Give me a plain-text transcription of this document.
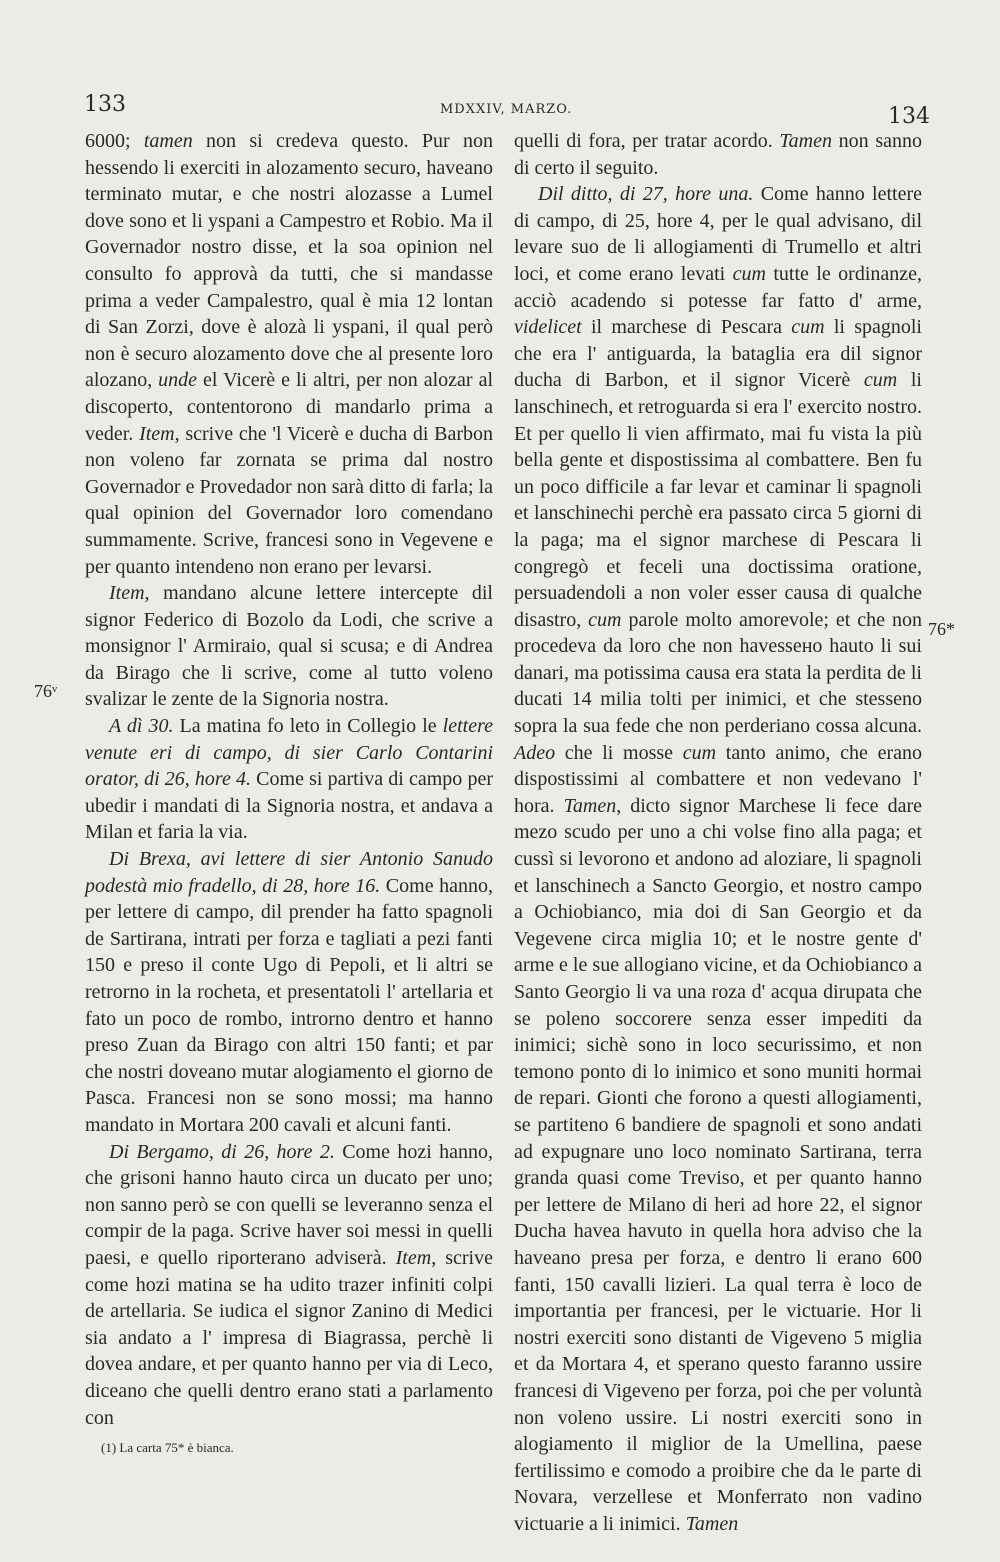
133	MDXXIV, MARZO.	134

6000; tamen non si credeva questo. Pur non hessendo li exerciti in alozamento securo, haveano terminato mutar, e che nostri alozasse a Lumel dove sono et li yspani a Campestro et Robio. Ma il Governador nostro disse, et la soa opinion nel consulto fo approvà da tutti, che si mandasse prima a veder Campalestro, qual è mia 12 lontan di San Zorzi, dove è alozà li yspani, il qual però non è securo alozamento dove che al presente loro alozano, unde el Vicerè e li altri, per non alozar al discoperto, contentorono di mandarlo prima a veder. Item, scrive che 'l Vicerè e ducha di Barbon non voleno far zornata se prima dal nostro Governador e Provedador non sarà ditto di farla; la qual opinion del Governador loro comendano summamente. Scrive, francesi sono in Vegevene e per quanto intendeno non erano per levarsi.

Item, mandano alcune lettere intercepte dil signor Federico di Bozolo da Lodi, che scrive a monsignor l' Armiraio, qual si scusa; e di Andrea da Birago che li scrive, come al tutto voleno svalizar le zente de la Signoria nostra.

A dì 30. La matina fo leto in Collegio le lettere venute eri di campo, di sier Carlo Contarini orator, di 26, hore 4. Come si partiva di campo per ubedir i mandati di la Signoria nostra, et andava a Milan et faria la via.

Di Brexa, avi lettere di sier Antonio Sanudo podestà mio fradello, di 28, hore 16. Come hanno, per lettere di campo, dil prender ha fatto spagnoli de Sartirana, intrati per forza e tagliati a pezi fanti 150 e preso il conte Ugo di Pepoli, et li altri se retrorno in la rocheta, et presentatoli l' artellaria et fato un poco de rombo, introrno dentro et hanno preso Zuan da Birago con altri 150 fanti; et par che nostri doveano mutar alogiamento el giorno de Pasca. Francesi non se sono mossi; ma hanno mandato in Mortara 200 cavali et alcuni fanti.

Di Bergamo, di 26, hore 2. Come hozi hanno, che grisoni hanno hauto circa un ducato per uno; non sanno però se con quelli se leveranno senza el compir de la paga. Scrive haver soi messi in quelli paesi, e quello riporterano adviserà. Item, scrive come hozi matina se ha udito trazer infiniti colpi de artellaria. Se iudica el signor Zanino di Medici sia andato a l' impresa di Biagrassa, perchè li dovea andare, et per quanto hanno per via di Leco, diceano che quelli dentro erano stati a parlamento con

quelli di fora, per tratar acordo. Tamen non sanno di certo il seguito.

Dil ditto, di 27, hore una. Come hanno lettere di campo, di 25, hore 4, per le qual advisano, dil levare suo de li allogiamenti di Trumello et altri loci, et come erano levati cum tutte le ordinanze, acciò acadendo si potesse far fatto d' arme, videlicet il marchese di Pescara cum li spagnoli che era l' antiguarda, la bataglia era dil signor ducha di Barbon, et il signor Vicerè cum li lanschinech, et retroguarda si era l' exercito nostro. Et per quello li vien affirmato, mai fu vista la più bella gente et dispostissima al combattere. Ben fu un poco difficile a far levar et caminar li spagnoli et lanschinechi perchè era passato circa 5 giorni di la paga; ma el signor marchese di Pescara li congregò et feceli una doctissima oratione, persuadendoli a non voler esser causa di qualche disastro, cum parole molto amorevole; et che non procedeva da loro che non havessено hauto li sui danari, ma potissima causa era stata la perdita de li ducati 14 milia tolti per inimici, et che stesseno sopra la sua fede che non perderiano cossa alcuna. Adeo che li mosse cum tanto animo, che erano dispostissimi al combattere et non vedevano l' hora. Tamen, dicto signor Marchese li fece dare mezo scudo per uno a chi volse fino alla paga; et cussì si levorono et andono ad aloziare, li spagnoli et lanschinech a Sancto Georgio, et nostro campo a Ochiobianco, mia doi di San Georgio et da Vegevene circa miglia 10; et le nostre gente d' arme e le sue allogiano vicine, et da Ochiobianco a Santo Georgio li va una roza d' acqua dirupata che se poleno soccorere senza esser impediti da inimici; sichè sono in loco securissimo, et non temono ponto di lo inimico et sono muniti hormai de repari. Gionti che forono a questi allogiamenti, se partiteno 6 bandiere de spagnoli et sono andati ad expugnare uno loco nominato Sartirana, terra granda quasi come Treviso, et per quanto hanno per lettere de Milano di heri ad hore 22, el signor Ducha havea havuto in quella hora adviso che la haveano presa per forza, e dentro li erano 600 fanti, 150 cavalli lizieri. La qual terra è loco de importantia per francesi, per le victuarie. Hor li nostri exerciti sono distanti de Vigeveno 5 miglia et da Mortara 4, et sperano questo faranno ussire francesi di Vigeveno per forza, poi che per voluntà non voleno ussire. Li nostri exerciti sono in alogiamento il miglior de la Umellina, paese fertilissimo e comodo a proibire che da le parte di Novara, verzellese et Monferrato non vadino victuarie a li inimici. Tamen

76ᵛ
76*
(1) La carta 75* è bianca.
